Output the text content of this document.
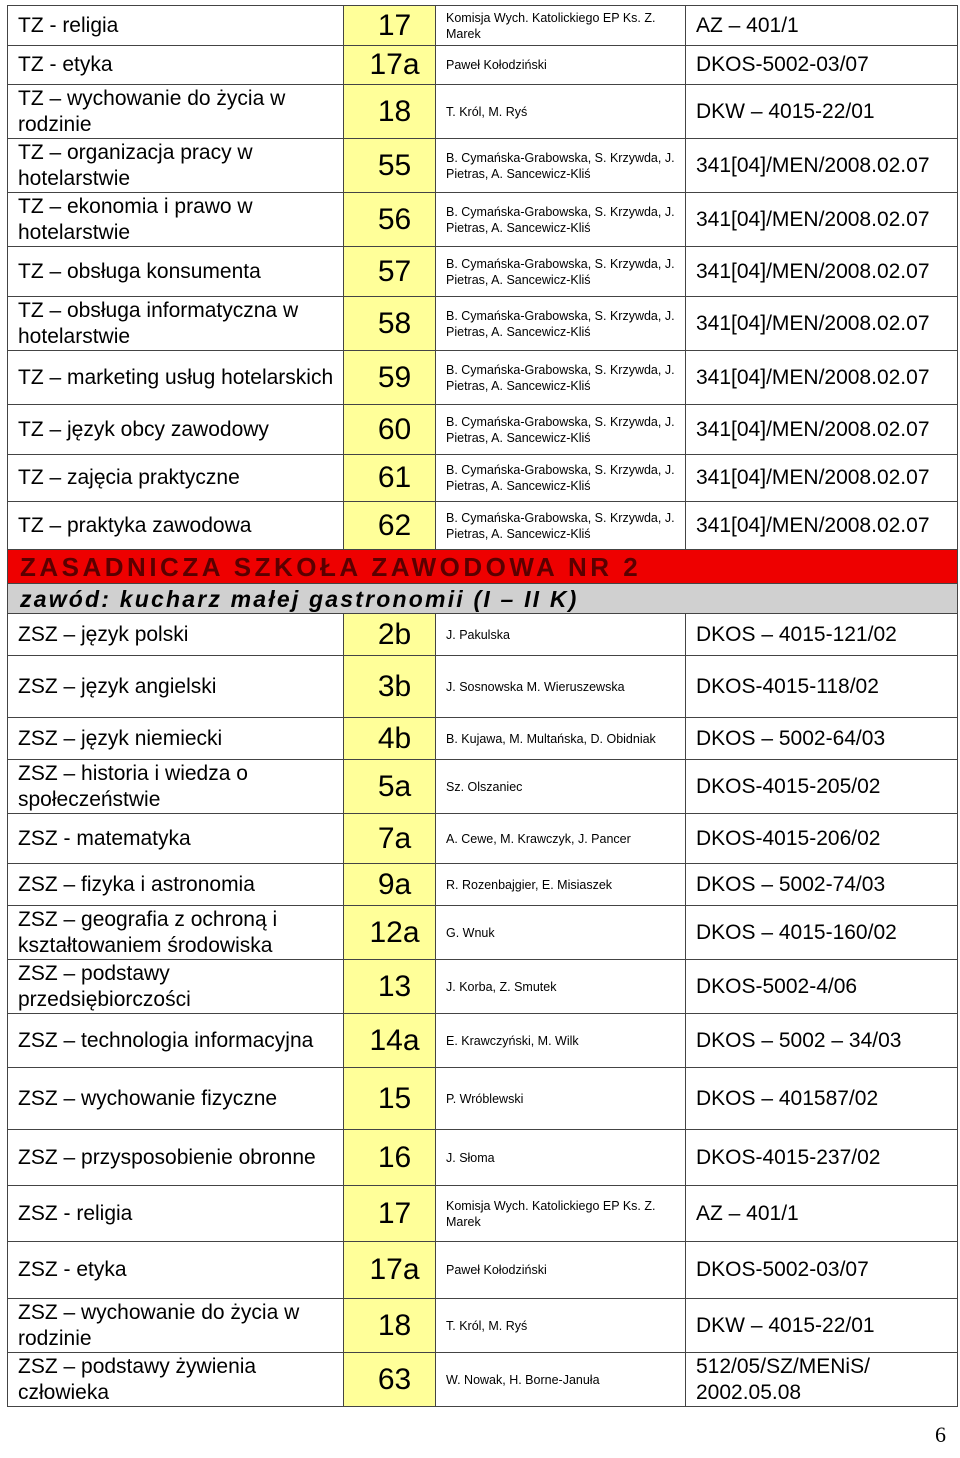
TZ - religia	17	Komisja Wych. Katolickiego EP Ks. Z. Marek	AZ – 401/1
TZ - etyka	17a	Paweł Kołodziński	DKOS-5002-03/07
TZ – wychowanie do życia w rodzinie	18	T. Król, M. Ryś	DKW – 4015-22/01
TZ – organizacja pracy w hotelarstwie	55	B. Cymańska-Grabowska, S. Krzywda, J. Pietras, A. Sancewicz-Kliś	341[04]/MEN/2008.02.07
TZ – ekonomia i prawo w hotelarstwie	56	B. Cymańska-Grabowska, S. Krzywda, J. Pietras, A. Sancewicz-Kliś	341[04]/MEN/2008.02.07
TZ – obsługa konsumenta	57	B. Cymańska-Grabowska, S. Krzywda, J. Pietras, A. Sancewicz-Kliś	341[04]/MEN/2008.02.07
TZ – obsługa informatyczna w hotelarstwie	58	B. Cymańska-Grabowska, S. Krzywda, J. Pietras, A. Sancewicz-Kliś	341[04]/MEN/2008.02.07
TZ – marketing usług hotelarskich	59	B. Cymańska-Grabowska, S. Krzywda, J. Pietras, A. Sancewicz-Kliś	341[04]/MEN/2008.02.07
TZ – język obcy zawodowy	60	B. Cymańska-Grabowska, S. Krzywda, J. Pietras, A. Sancewicz-Kliś	341[04]/MEN/2008.02.07
TZ – zajęcia praktyczne	61	B. Cymańska-Grabowska, S. Krzywda, J. Pietras, A. Sancewicz-Kliś	341[04]/MEN/2008.02.07
TZ – praktyka zawodowa	62	B. Cymańska-Grabowska, S. Krzywda, J. Pietras, A. Sancewicz-Kliś	341[04]/MEN/2008.02.07
ZASADNICZA SZKOŁA ZAWODOWA NR 2			
zawód: kucharz małej gastronomii (I – II K)			
ZSZ – język polski	2b	J. Pakulska	DKOS – 4015-121/02
ZSZ – język angielski	3b	J. Sosnowska M. Wieruszewska	DKOS-4015-118/02
ZSZ – język niemiecki	4b	B. Kujawa, M. Multańska, D. Obidniak	DKOS – 5002-64/03
ZSZ – historia i wiedza o społeczeństwie	5a	Sz. Olszaniec	DKOS-4015-205/02
ZSZ - matematyka	7a	A. Cewe, M. Krawczyk, J. Pancer	DKOS-4015-206/02
ZSZ – fizyka i astronomia	9a	R. Rozenbajgier, E. Misiaszek	DKOS – 5002-74/03
ZSZ – geografia z ochroną i kształtowaniem środowiska	12a	G. Wnuk	DKOS – 4015-160/02
ZSZ – podstawy przedsiębiorczości	13	J. Korba, Z. Smutek	DKOS-5002-4/06
ZSZ – technologia informacyjna	14a	E. Krawczyński, M. Wilk	DKOS – 5002 – 34/03
ZSZ – wychowanie fizyczne	15	P. Wróblewski	DKOS – 401587/02
ZSZ – przysposobienie obronne	16	J. Słoma	DKOS-4015-237/02
ZSZ - religia	17	Komisja Wych. Katolickiego EP Ks. Z. Marek	AZ – 401/1
ZSZ - etyka	17a	Paweł Kołodziński	DKOS-5002-03/07
ZSZ – wychowanie do życia w rodzinie	18	T. Król, M. Ryś	DKW – 4015-22/01
ZSZ – podstawy żywienia człowieka	63	W. Nowak, H. Borne-Januła	512/05/SZ/MENiS/ 2002.05.08
6
